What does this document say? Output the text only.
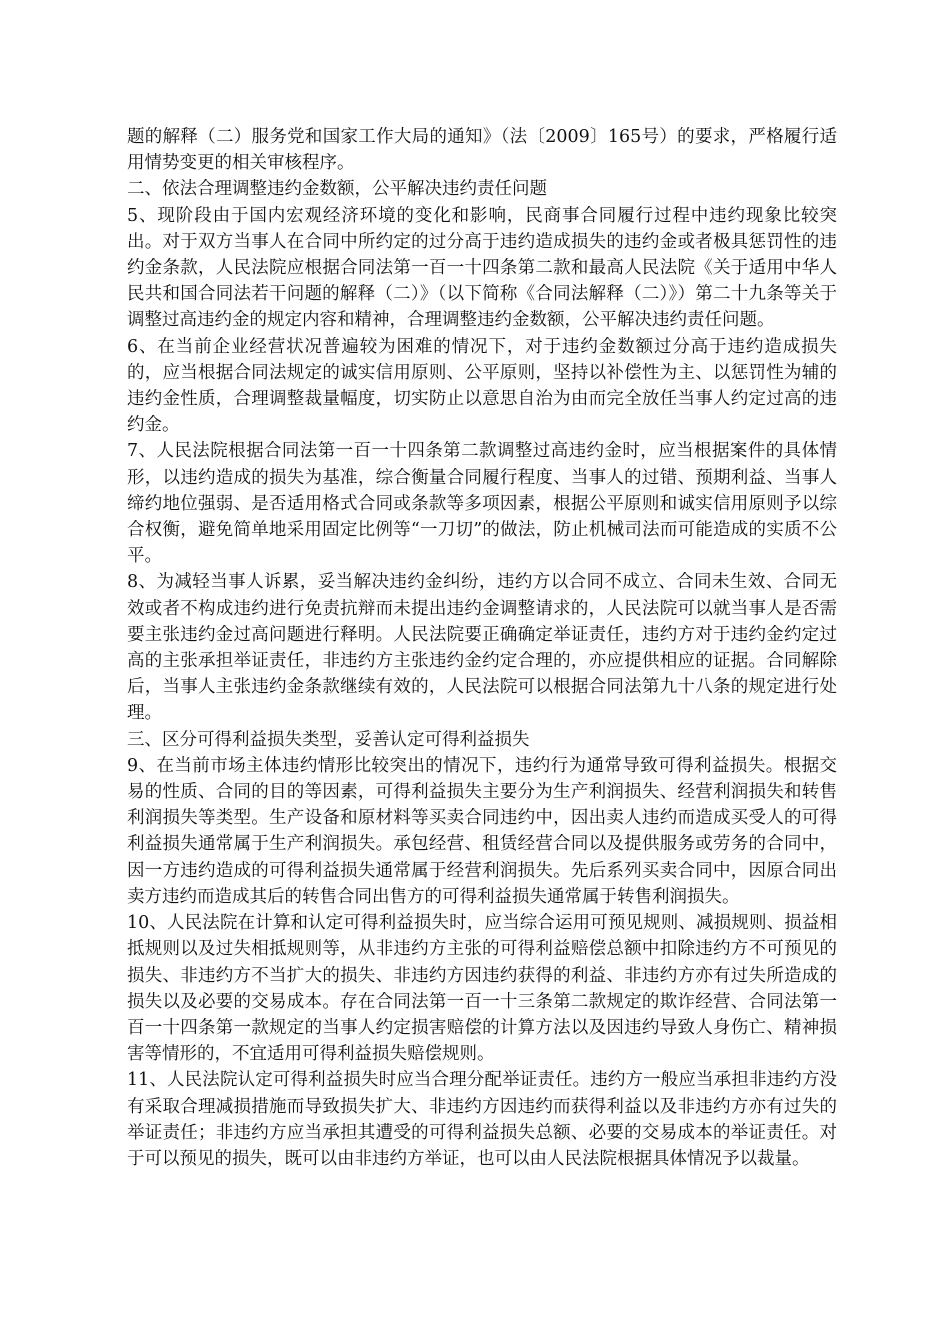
题的解释（二）服务党和国家工作大局的通知》（法〔2009〕165号）的要求，严格履行适用情势变更的相关审核程序。

二、依法合理调整违约金数额，公平解决违约责任问题

5、现阶段由于国内宏观经济环境的变化和影响，民商事合同履行过程中违约现象比较突出。对于双方当事人在合同中所约定的过分高于违约造成损失的违约金或者极具惩罚性的违约金条款，人民法院应根据合同法第一百一十四条第二款和最高人民法院《关于适用中华人民共和国合同法若干问题的解释（二）》（以下简称《合同法解释（二）》）第二十九条等关于调整过高违约金的规定内容和精神，合理调整违约金数额，公平解决违约责任问题。

6、在当前企业经营状况普遍较为困难的情况下，对于违约金数额过分高于违约造成损失的，应当根据合同法规定的诚实信用原则、公平原则，坚持以补偿性为主、以惩罚性为辅的违约金性质，合理调整裁量幅度，切实防止以意思自治为由而完全放任当事人约定过高的违约金。

7、人民法院根据合同法第一百一十四条第二款调整过高违约金时，应当根据案件的具体情形，以违约造成的损失为基准，综合衡量合同履行程度、当事人的过错、预期利益、当事人缔约地位强弱、是否适用格式合同或条款等多项因素，根据公平原则和诚实信用原则予以综合权衡，避免简单地采用固定比例等“一刀切”的做法，防止机械司法而可能造成的实质不公平。

8、为减轻当事人诉累，妥当解决违约金纠纷，违约方以合同不成立、合同未生效、合同无效或者不构成违约进行免责抗辩而未提出违约金调整请求的，人民法院可以就当事人是否需要主张违约金过高问题进行释明。人民法院要正确确定举证责任，违约方对于违约金约定过高的主张承担举证责任，非违约方主张违约金约定合理的，亦应提供相应的证据。合同解除后，当事人主张违约金条款继续有效的，人民法院可以根据合同法第九十八条的规定进行处理。

三、区分可得利益损失类型，妥善认定可得利益损失

9、在当前市场主体违约情形比较突出的情况下，违约行为通常导致可得利益损失。根据交易的性质、合同的目的等因素，可得利益损失主要分为生产利润损失、经营利润损失和转售利润损失等类型。生产设备和原材料等买卖合同违约中，因出卖人违约而造成买受人的可得利益损失通常属于生产利润损失。承包经营、租赁经营合同以及提供服务或劳务的合同中，因一方违约造成的可得利益损失通常属于经营利润损失。先后系列买卖合同中，因原合同出卖方违约而造成其后的转售合同出售方的可得利益损失通常属于转售利润损失。

10、人民法院在计算和认定可得利益损失时，应当综合运用可预见规则、减损规则、损益相抵规则以及过失相抵规则等，从非违约方主张的可得利益赔偿总额中扣除违约方不可预见的损失、非违约方不当扩大的损失、非违约方因违约获得的利益、非违约方亦有过失所造成的损失以及必要的交易成本。存在合同法第一百一十三条第二款规定的欺诈经营、合同法第一百一十四条第一款规定的当事人约定损害赔偿的计算方法以及因违约导致人身伤亡、精神损害等情形的，不宜适用可得利益损失赔偿规则。

11、人民法院认定可得利益损失时应当合理分配举证责任。违约方一般应当承担非违约方没有采取合理减损措施而导致损失扩大、非违约方因违约而获得利益以及非违约方亦有过失的举证责任；非违约方应当承担其遭受的可得利益损失总额、必要的交易成本的举证责任。对于可以预见的损失，既可以由非违约方举证，也可以由人民法院根据具体情况予以裁量。
